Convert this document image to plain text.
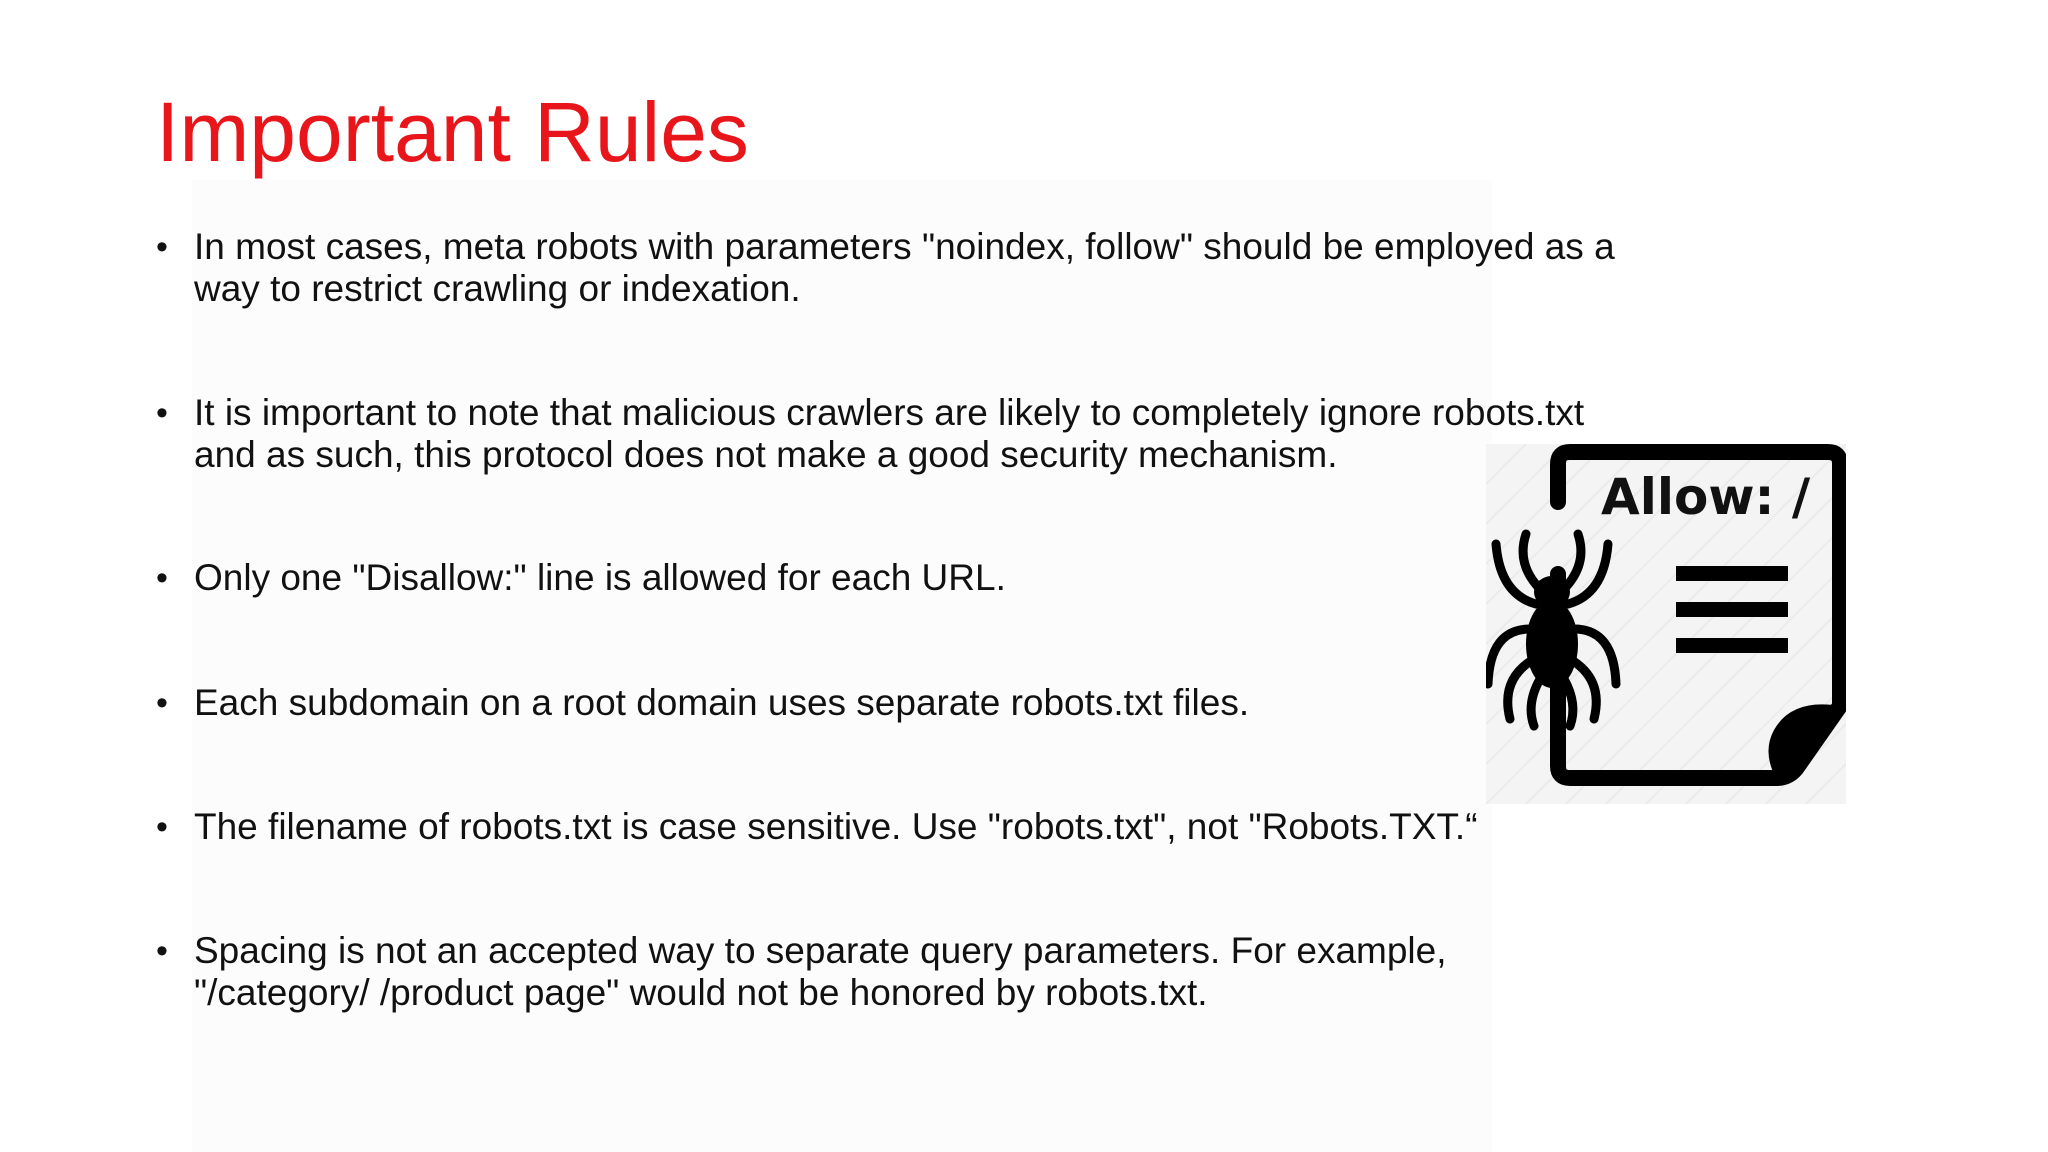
Important Rules
• In most cases, meta robots with parameters "noindex, follow" should be employed as a
way to restrict crawling or indexation.
• It is important to note that malicious crawlers are likely to completely ignore robots.txt
and as such, this protocol does not make a good security mechanism.
• Only one "Disallow:" line is allowed for each URL.
• Each subdomain on a root domain uses separate robots.txt files.
• The filename of robots.txt is case sensitive. Use "robots.txt", not "Robots.TXT.“
• Spacing is not an accepted way to separate query parameters. For example,
"/category/ /product page" would not be honored by robots.txt.
Allow: /
